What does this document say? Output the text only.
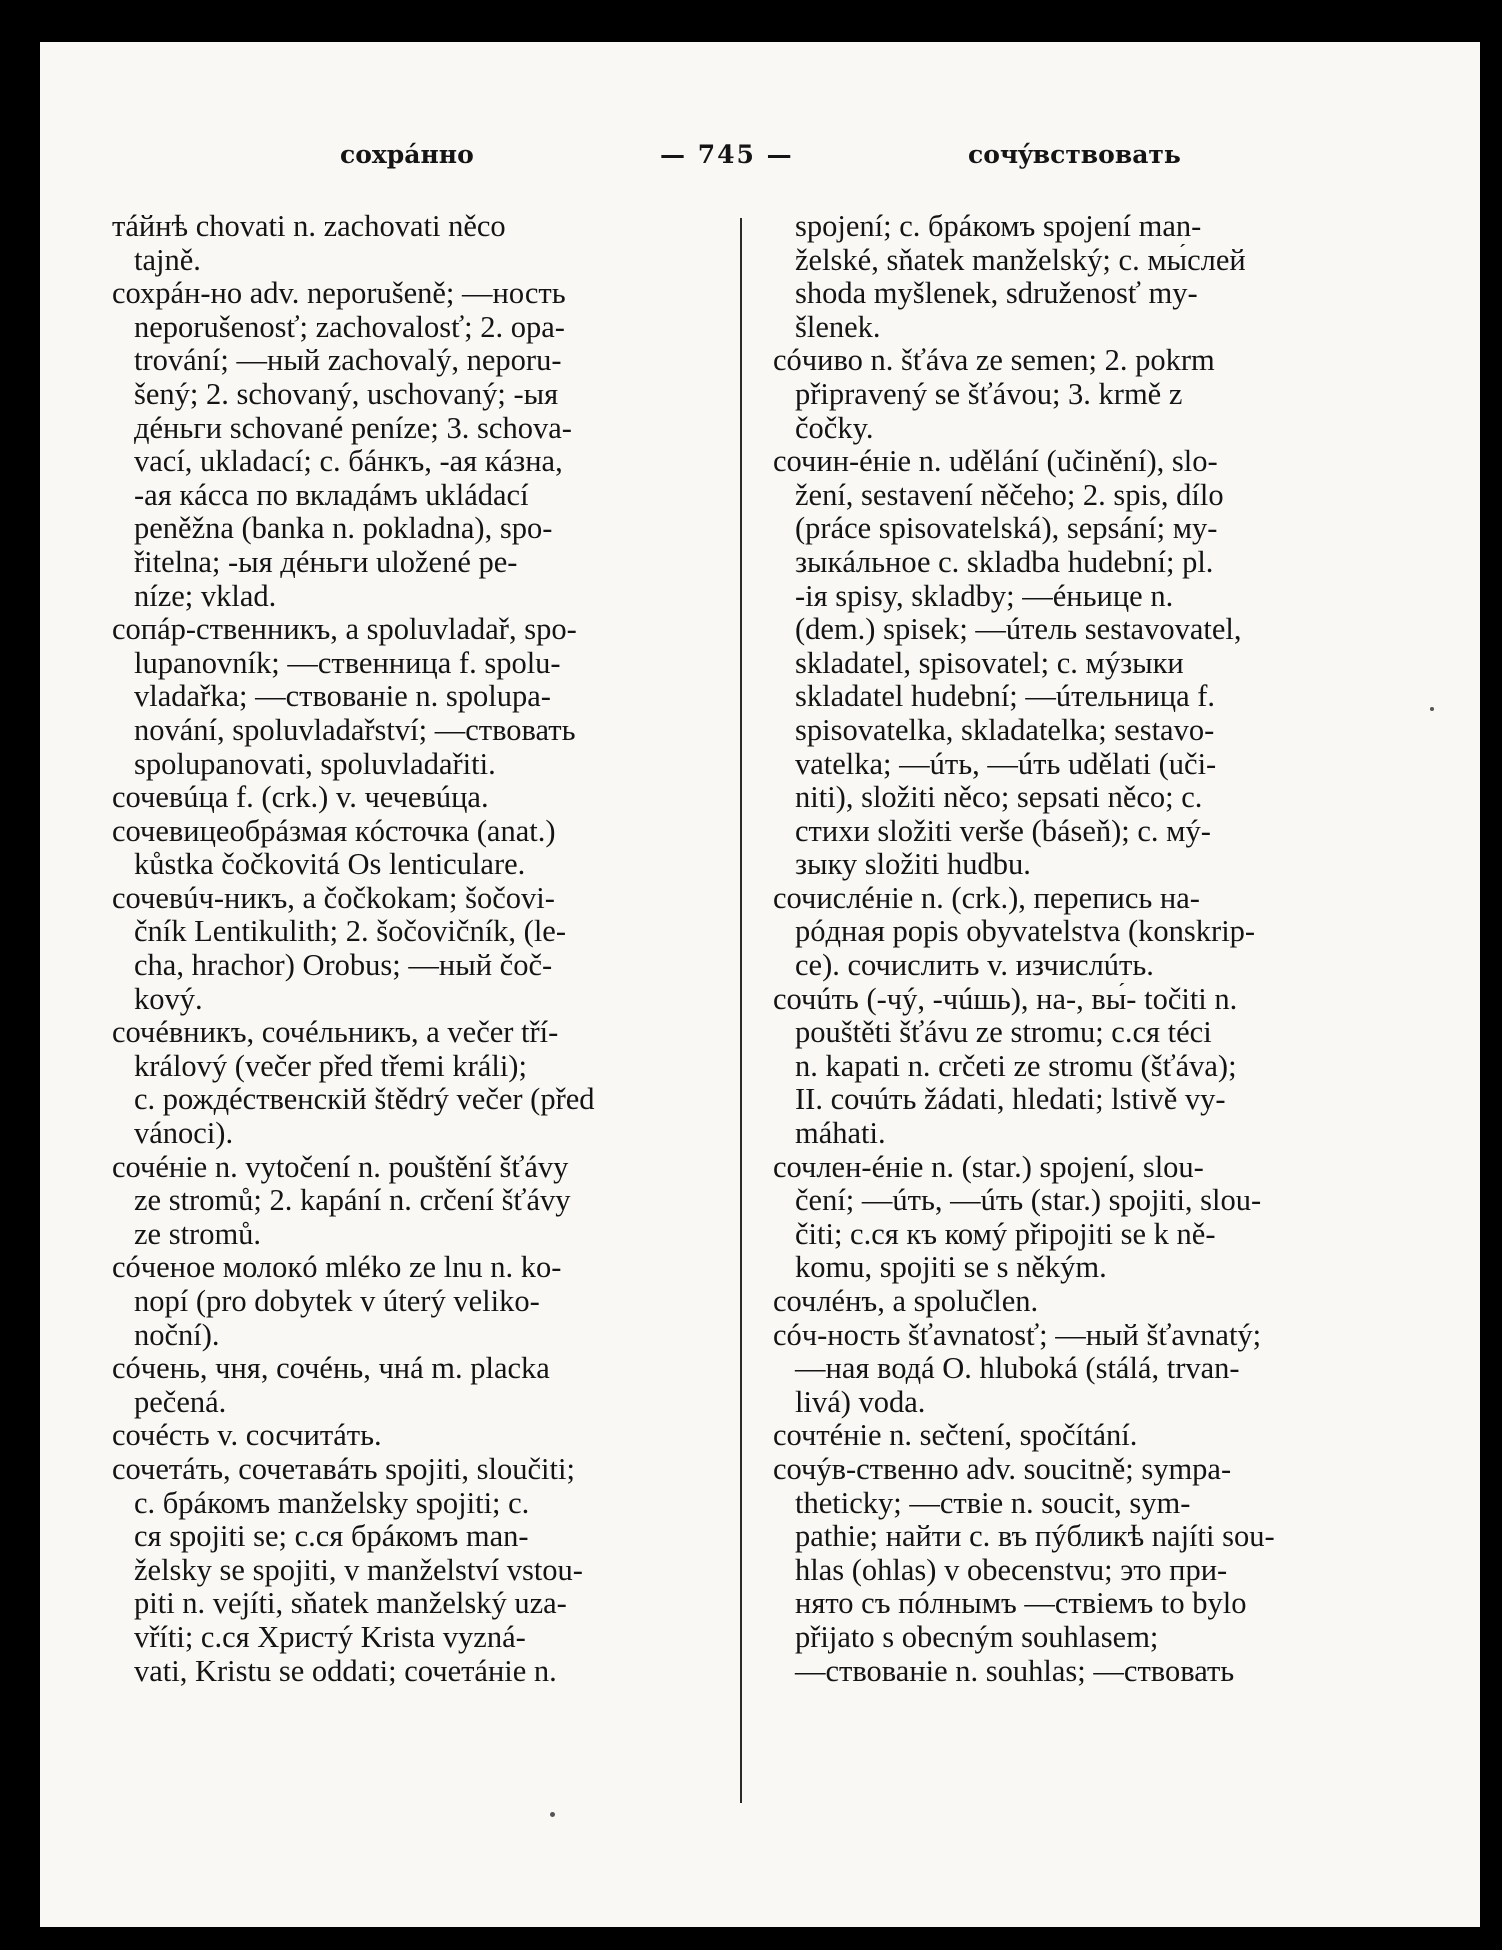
сохрáнно	— 745 —	сочýвствовать
тáйнѣ chovati n. zachovati něco
tajně.
сохрáн-но adv. neporušeně; —ность
neporušenosť; zachovalosť; 2. opa-
trování; —ный zachovalý, neporu-
šený; 2. schovaný, uschovaný; -ыя
дéньги schované peníze; 3. schova-
vací, ukladací; с. бáнкъ, -ая кáзна,
-ая кáсса по вкладáмъ ukládací
peněžna (banka n. pokladna), spo-
řitelna; -ыя дéньги uložené pe-
níze; vklad.
сопáр-ственникъ, a spoluvladař, spo-
lupanovník; —ственница f. spolu-
vladařka; —ствованіе n. spolupa-
nování, spoluvladařství; —ствовать
spolupanovati, spoluvladařiti.
сочевúца f. (crk.) v. чечевúца.
сочевицеобрáзмая кóсточка (anat.)
kůstka čočkovitá Os lenticulare.
сочевúч-никъ, a čočkokam; šočovi-
čník Lentikulith; 2. šočovičník, (le-
cha, hrachor) Orobus; —ный čoč-
kový.
сочéвникъ, сочéльникъ, a večer tří-
králový (večer před třemi králi);
с. рождéственскій štědrý večer (před
vánoci).
сочéніе n. vytočení n. pouštění šťávy
ze stromů; 2. kapání n. crčení šťávy
ze stromů.
сóченое молокó mléko ze lnu n. ko-
nopí (pro dobytek v úterý veliko-
noční).
сóчень, чня, сочéнь, чнá m. placka
pečená.
сочéсть v. сосчитáть.
сочетáть, сочетавáть spojiti, sloučiti;
с. брáкомъ manželsky spojiti; с.
ся spojiti se; с.ся брáкомъ man-
želsky se spojiti, v manželství vstou-
piti n. vejíti, sňatek manželský uza-
vříti; с.ся Христý Krista vyzná-
vati, Kristu se oddati; сочетáніе n.
spojení; с. брáкомъ spojení man-
želské, sňatek manželský; с. мы́слей
shoda myšlenek, sdruženosť my-
šlenek.
сóчиво n. šťáva ze semen; 2. pokrm
připravený se šťávou; 3. krmě z
čočky.
сочин-éніе n. udělání (učinění), slo-
žení, sestavení něčeho; 2. spis, dílo
(práce spisovatelská), sepsání; му-
зыкáльное с. skladba hudební; pl.
-ія spisy, skladby; —éньице n.
(dem.) spisek; —úтель sestavovatel,
skladatel, spisovatel; с. мýзыки
skladatel hudební; —úтельница f.
spisovatelka, skladatelka; sestavo-
vatelka; —úть, —úть udělati (uči-
niti), složiti něco; sepsati něco; с.
стихи složiti verše (báseň); с. мý-
зыку složiti hudbu.
сочислéніе n. (crk.), перепись на-
рóдная popis obyvatelstva (konskrip-
ce). сочислить v. изчислúть.
сочúть (-чý, -чúшь), на-, вы́- točiti n.
pouštěti šťávu ze stromu; с.ся téci
n. kapati n. crčeti ze stromu (šťáva);
II. сочúть žádati, hledati; lstivě vy-
máhati.
сочлен-éніе n. (star.) spojení, slou-
čení; —úть, —úть (star.) spojiti, slou-
čiti; с.ся къ комý připojiti se k ně-
komu, spojiti se s někým.
сочлéнъ, a spolučlen.
сóч-ность šťavnatosť; —ный šťavnatý;
—ная водá O. hluboká (stálá, trvan-
livá) voda.
сочтéніе n. sečtení, spočítání.
сочýв-ственно adv. soucitně; sympa-
theticky; —ствіе n. soucit, sym-
pathie; найти с. въ пýбликѣ najíti sou-
hlas (ohlas) v obecenstvu; это при-
нято съ пóлнымъ —ствіемъ to bylo
přijato s obecným souhlasem;
—ствованіе n. souhlas; —ствовать
